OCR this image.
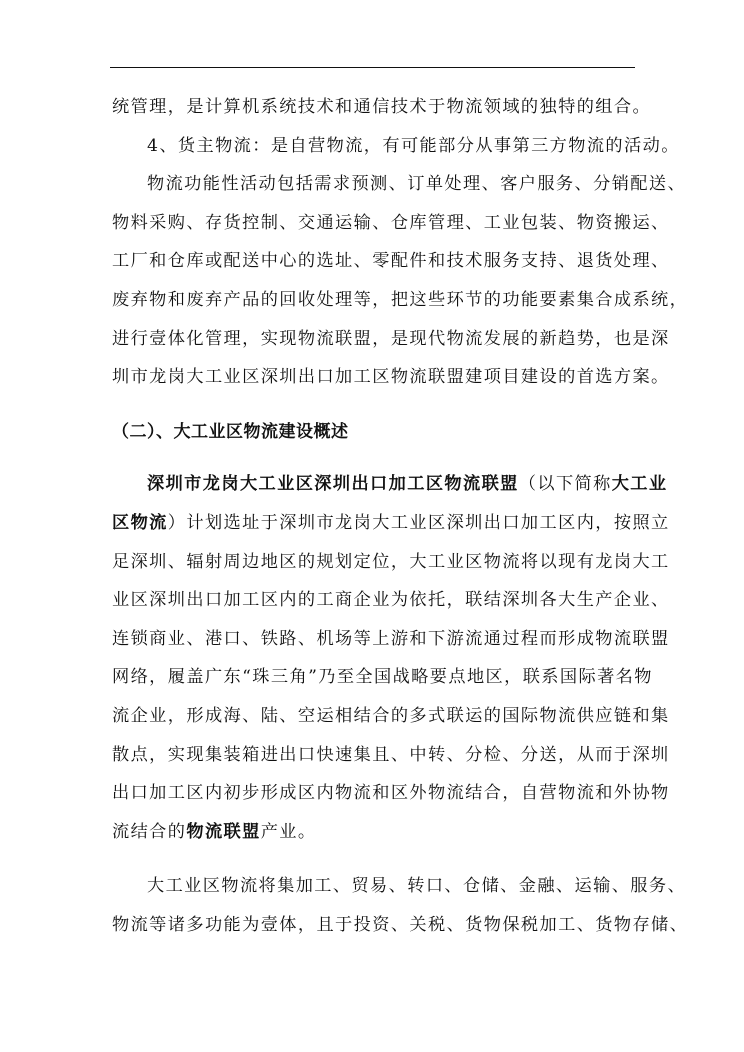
统管理，是计算机系统技术和通信技术于物流领域的独特的组合。
4、货主物流：是自营物流，有可能部分从事第三方物流的活动。
物流功能性活动包括需求预测、订单处理、客户服务、分销配送、
物料采购、存货控制、交通运输、仓库管理、工业包装、物资搬运、
工厂和仓库或配送中心的选址、零配件和技术服务支持、退货处理、
废弃物和废弃产品的回收处理等，把这些环节的功能要素集合成系统，
进行壹体化管理，实现物流联盟，是现代物流发展的新趋势，也是深
圳市龙岗大工业区深圳出口加工区物流联盟建项目建设的首选方案。
（二）、大工业区物流建设概述
深圳市龙岗大工业区深圳出口加工区物流联盟（以下简称大工业
区物流）计划选址于深圳市龙岗大工业区深圳出口加工区内，按照立
足深圳、辐射周边地区的规划定位，大工业区物流将以现有龙岗大工
业区深圳出口加工区内的工商企业为依托，联结深圳各大生产企业、
连锁商业、港口、铁路、机场等上游和下游流通过程而形成物流联盟
网络，履盖广东“珠三角”乃至全国战略要点地区，联系国际著名物
流企业，形成海、陆、空运相结合的多式联运的国际物流供应链和集
散点，实现集装箱进出口快速集且、中转、分检、分送，从而于深圳
出口加工区内初步形成区内物流和区外物流结合，自营物流和外协物
流结合的物流联盟产业。
大工业区物流将集加工、贸易、转口、仓储、金融、运输、服务、
物流等诸多功能为壹体，且于投资、关税、货物保税加工、货物存储、
